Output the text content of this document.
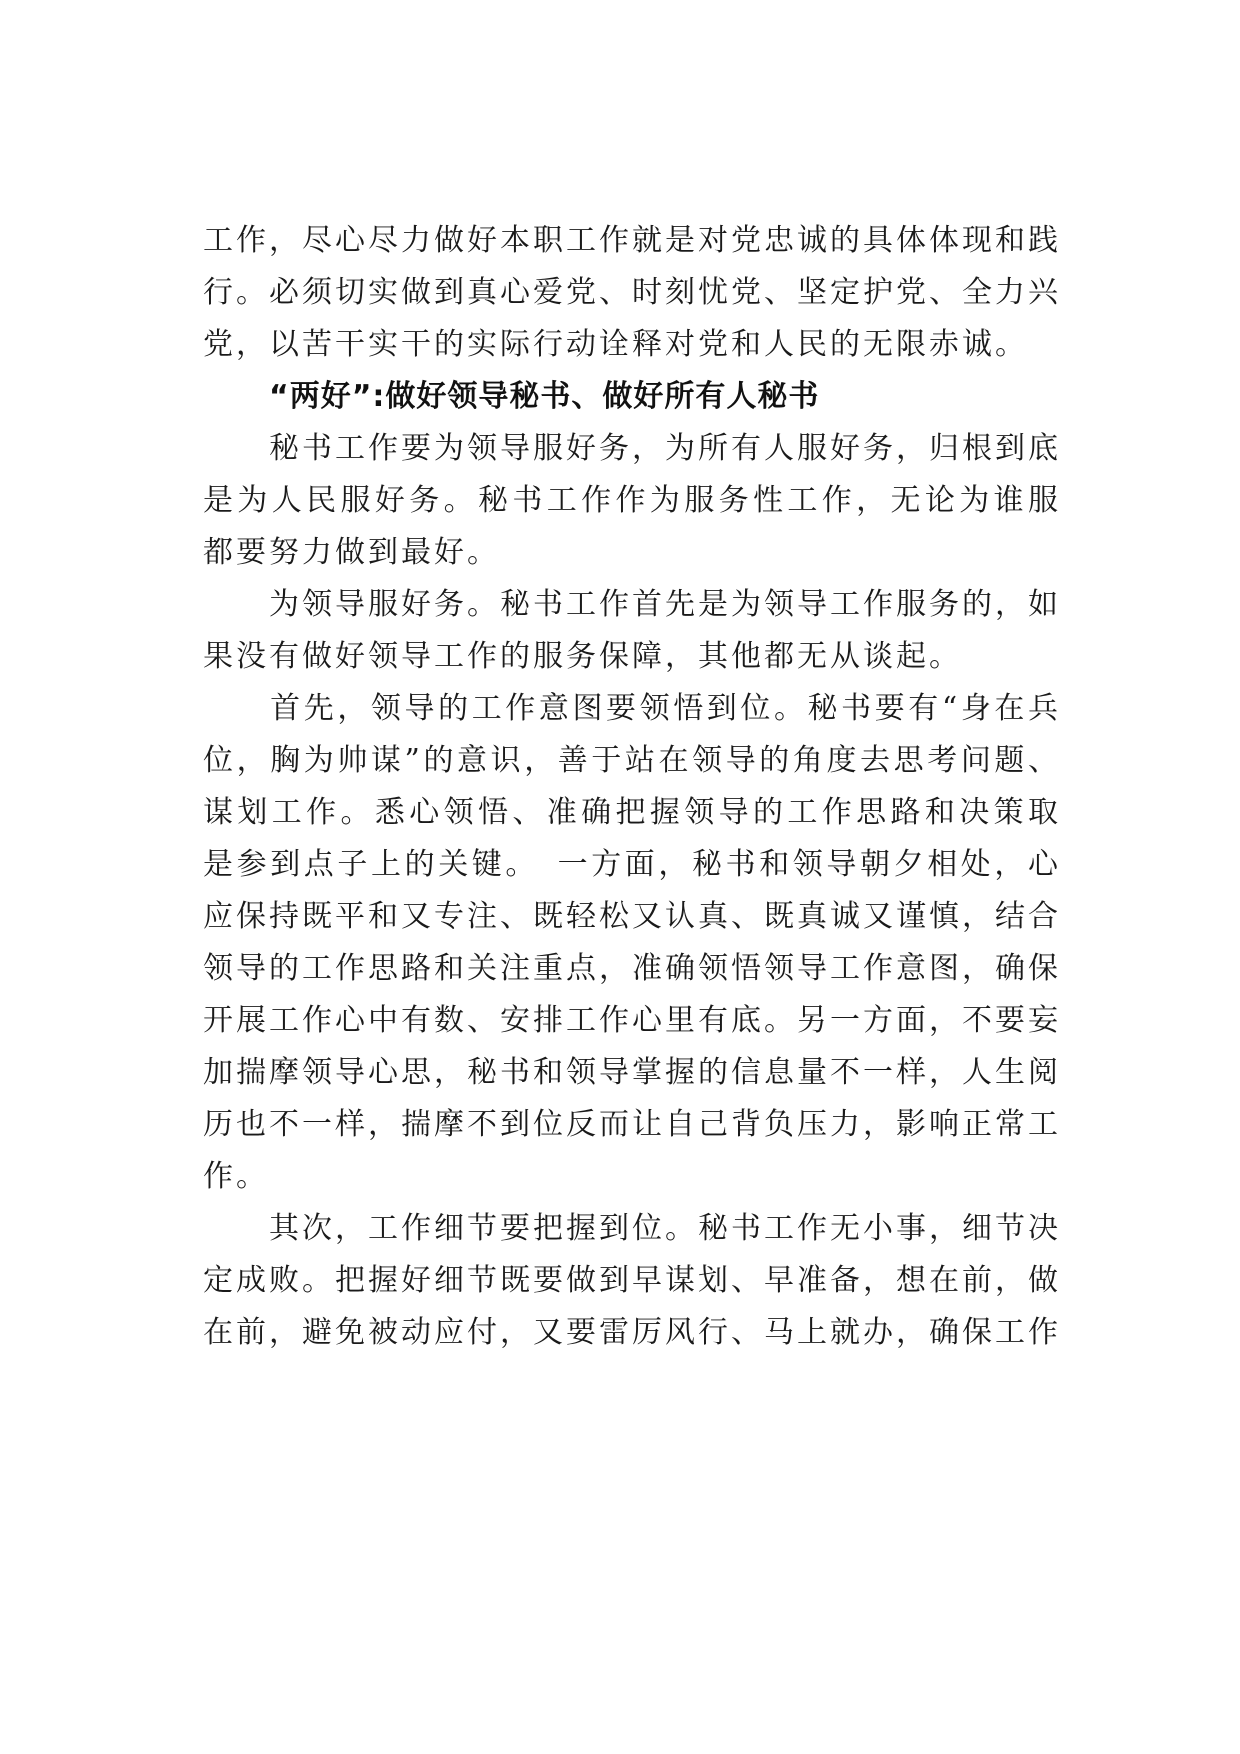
工作，尽心尽力做好本职工作就是对党忠诚的具体体现和践
行。必须切实做到真心爱党、时刻忧党、坚定护党、全力兴
党，以苦干实干的实际行动诠释对党和人民的无限赤诚。
“两好”:做好领导秘书、做好所有人秘书
　　秘书工作要为领导服好务，为所有人服好务，归根到底
是为人民服好务。秘书工作作为服务性工作，无论为谁服
都要努力做到最好。
　　为领导服好务。秘书工作首先是为领导工作服务的，如
果没有做好领导工作的服务保障，其他都无从谈起。
　　首先，领导的工作意图要领悟到位。秘书要有“身在兵
位，胸为帅谋”的意识，善于站在领导的角度去思考问题、
谋划工作。悉心领悟、准确把握领导的工作思路和决策取
是参到点子上的关键。　一方面，秘书和领导朝夕相处，心
应保持既平和又专注、既轻松又认真、既真诚又谨慎，结合
领导的工作思路和关注重点，准确领悟领导工作意图，确保
开展工作心中有数、安排工作心里有底。另一方面，不要妄
加揣摩领导心思，秘书和领导掌握的信息量不一样，人生阅
历也不一样，揣摩不到位反而让自己背负压力，影响正常工
作。
　　其次，工作细节要把握到位。秘书工作无小事，细节决
定成败。把握好细节既要做到早谋划、早准备，想在前，做
在前，避免被动应付，又要雷厉风行、马上就办，确保工作
